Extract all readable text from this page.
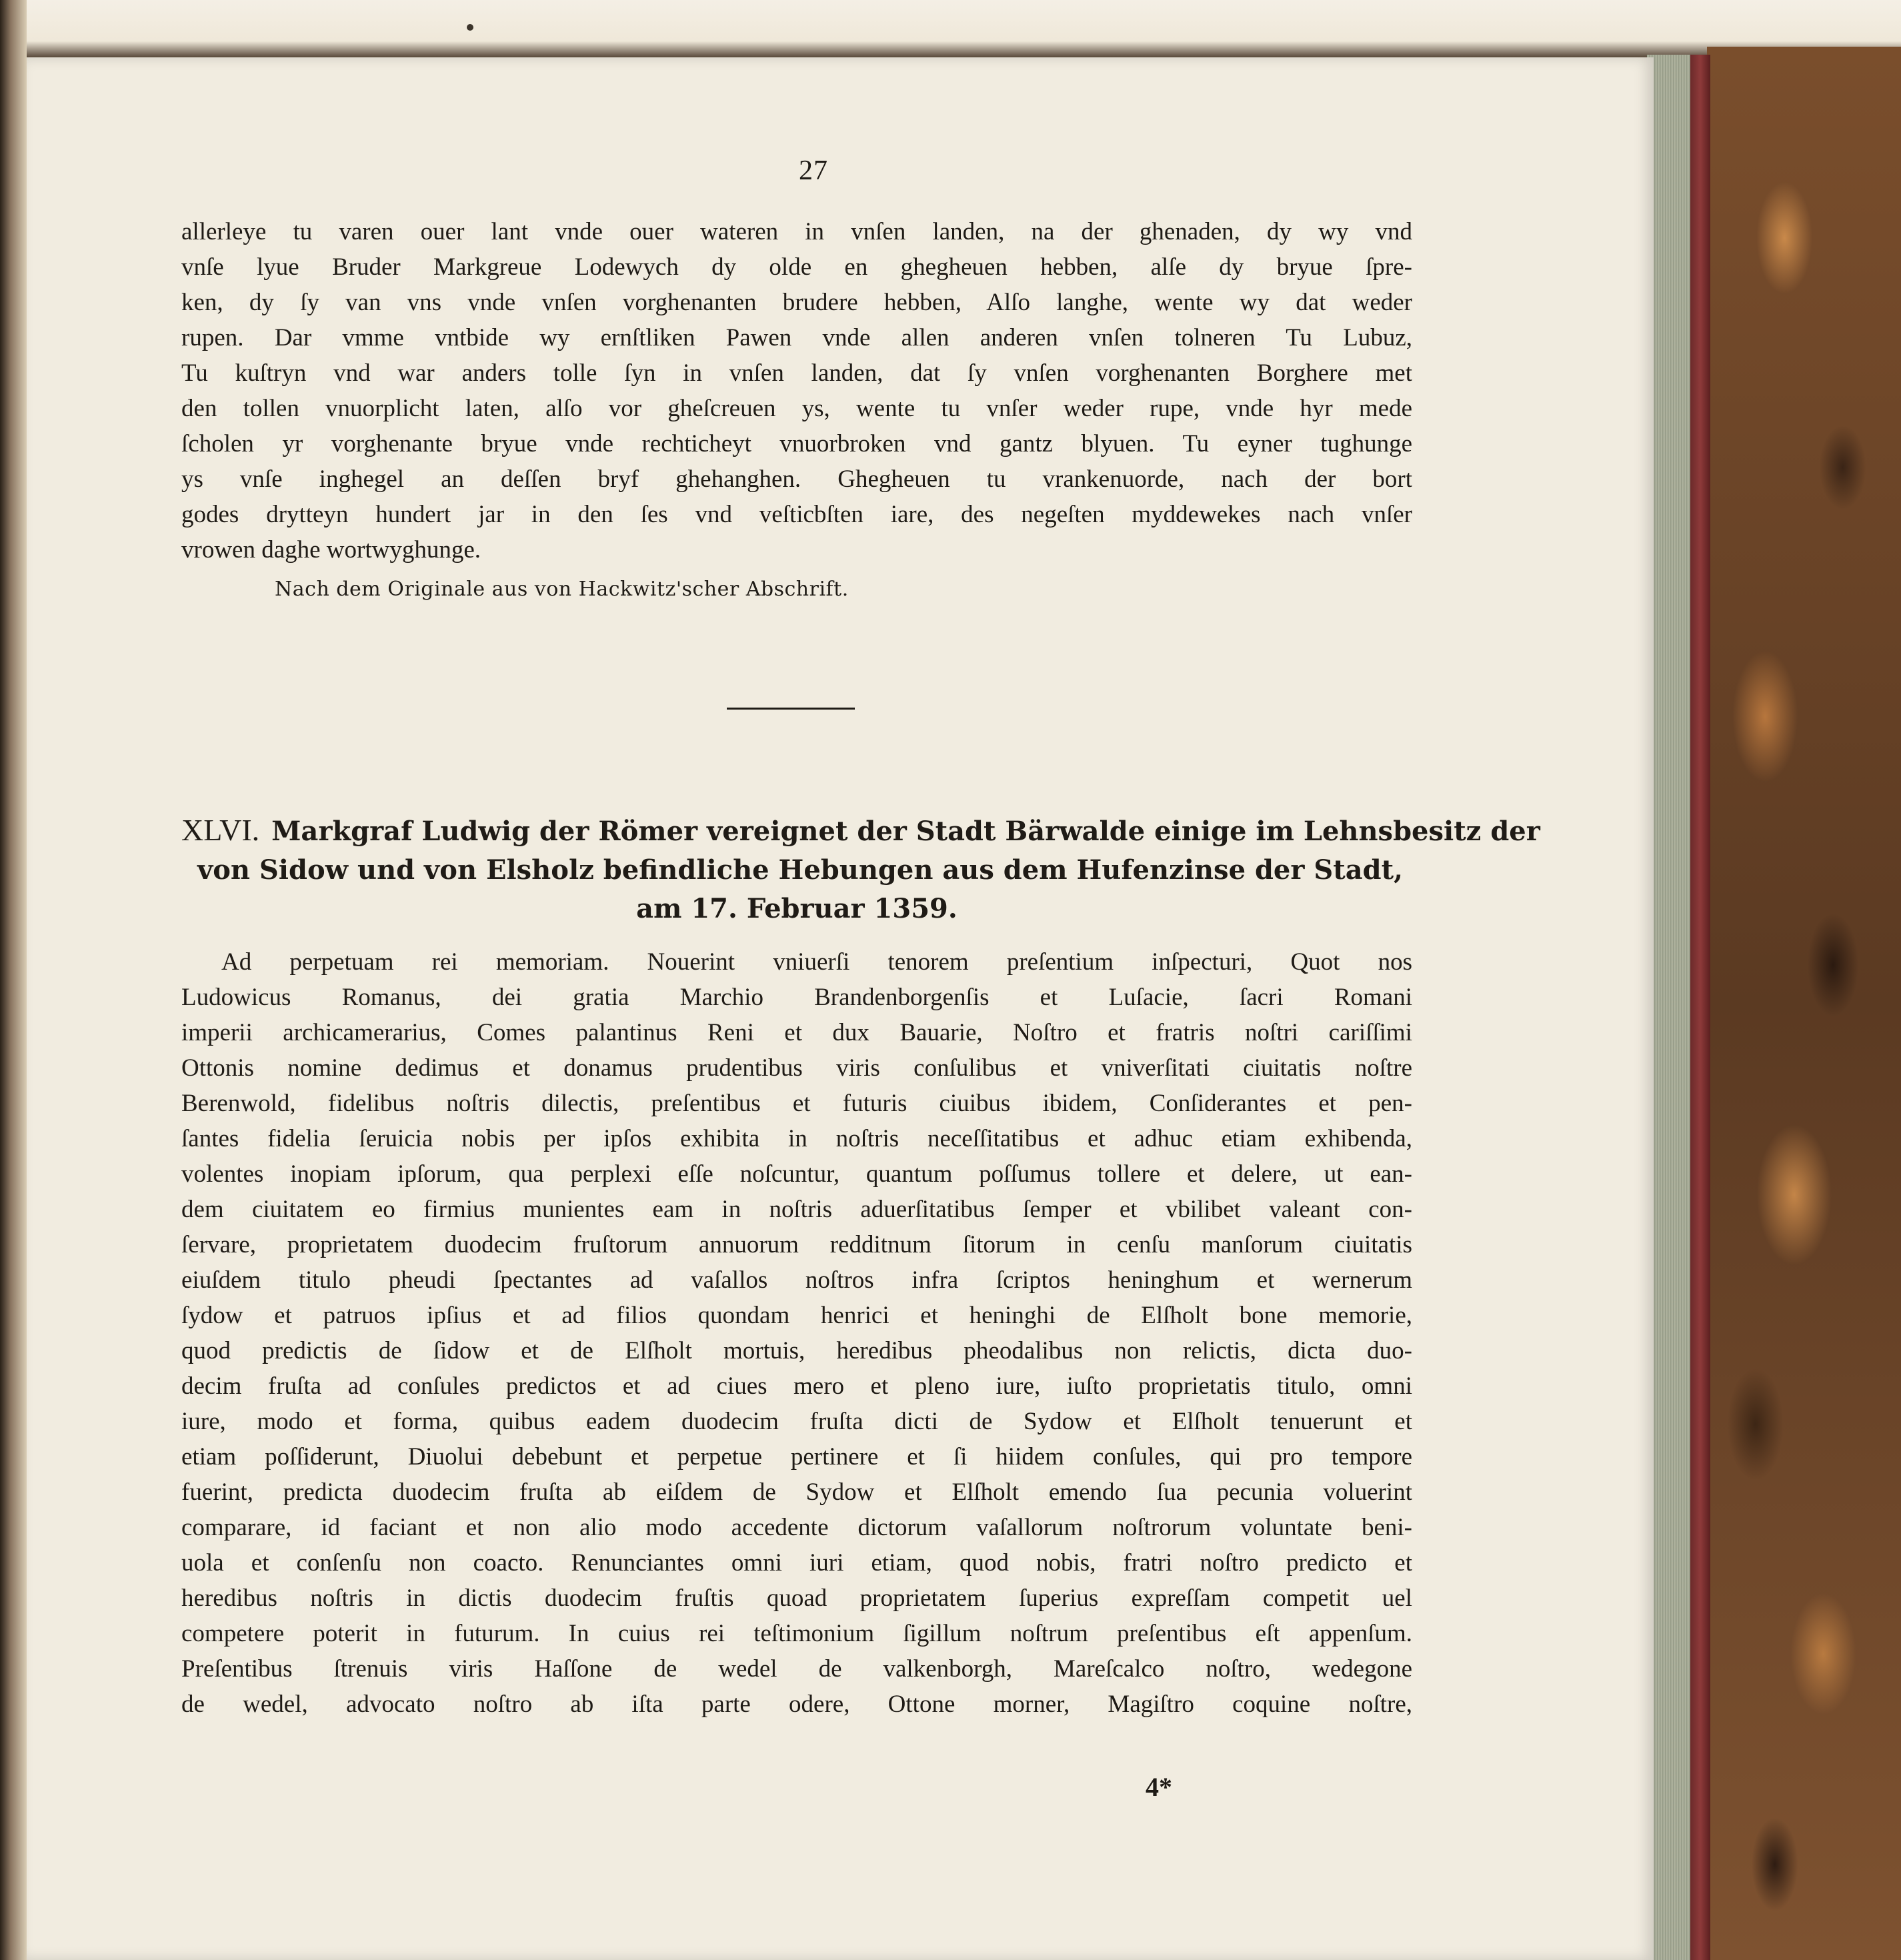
27
allerleye tu varen ouer lant vnde ouer wateren in vnſen landen, na der ghenaden, dy wy vnd
vnſe lyue Bruder Markgreue Lodewych dy olde en ghegheuen hebben, alſe dy bryue ſpre-
ken, dy ſy van vns vnde vnſen vorghenanten brudere hebben, Alſo langhe, wente wy dat weder
rupen. Dar vmme vntbide wy ernſtliken Pawen vnde allen anderen vnſen tolneren Tu Lubuz,
Tu kuſtryn vnd war anders tolle ſyn in vnſen landen, dat ſy vnſen vorghenanten Borghere met
den tollen vnuorplicht laten, alſo vor gheſcreuen ys, wente tu vnſer weder rupe, vnde hyr mede
ſcholen yr vorghenante bryue vnde rechticheyt vnuorbroken vnd gantz blyuen. Tu eyner tughunge
ys vnſe inghegel an deſſen bryf ghehanghen. Ghegheuen tu vrankenuorde, nach der bort
godes drytteyn hundert jar in den ſes vnd veſticbſten iare, des negeſten myddewekes nach vnſer
vrowen daghe wortwyghunge.
Nach dem Originale aus von Hackwitz'scher Abschrift.
XLVI. Markgraf Ludwig der Römer vereignet der Stadt Bärwalde einige im Lehnsbesitz der
von Sidow und von Elsholz befindliche Hebungen aus dem Hufenzinse der Stadt,
am 17. Februar 1359.
Ad perpetuam rei memoriam. Nouerint vniuerſi tenorem preſentium inſpecturi, Quot nos
Ludowicus Romanus, dei gratia Marchio Brandenborgenſis et Luſacie, ſacri Romani
imperii archicamerarius, Comes palantinus Reni et dux Bauarie, Noſtro et fratris noſtri cariſſimi
Ottonis nomine dedimus et donamus prudentibus viris conſulibus et vniverſitati ciuitatis noſtre
Berenwold, fidelibus noſtris dilectis, preſentibus et futuris ciuibus ibidem, Conſiderantes et pen-
ſantes fidelia ſeruicia nobis per ipſos exhibita in noſtris neceſſitatibus et adhuc etiam exhibenda,
volentes inopiam ipſorum, qua perplexi eſſe noſcuntur, quantum poſſumus tollere et delere, ut ean-
dem ciuitatem eo firmius munientes eam in noſtris aduerſitatibus ſemper et vbilibet valeant con-
ſervare, proprietatem duodecim fruſtorum annuorum redditnum ſitorum in cenſu manſorum ciuitatis
eiuſdem titulo pheudi ſpectantes ad vaſallos noſtros infra ſcriptos heninghum et wernerum
ſydow et patruos ipſius et ad filios quondam henrici et heninghi de Elſholt bone memorie,
quod predictis de ſidow et de Elſholt mortuis, heredibus pheodalibus non relictis, dicta duo-
decim fruſta ad conſules predictos et ad ciues mero et pleno iure, iuſto proprietatis titulo, omni
iure, modo et forma, quibus eadem duodecim fruſta dicti de Sydow et Elſholt tenuerunt et
etiam poſſiderunt, Diuolui debebunt et perpetue pertinere et ſi hiidem conſules, qui pro tempore
fuerint, predicta duodecim fruſta ab eiſdem de Sydow et Elſholt emendo ſua pecunia voluerint
comparare, id faciant et non alio modo accedente dictorum vaſallorum noſtrorum voluntate beni-
uola et conſenſu non coacto. Renunciantes omni iuri etiam, quod nobis, fratri noſtro predicto et
heredibus noſtris in dictis duodecim fruſtis quoad proprietatem ſuperius expreſſam competit uel
competere poterit in futurum. In cuius rei teſtimonium ſigillum noſtrum preſentibus eſt appenſum.
Preſentibus ſtrenuis viris Haſſone de wedel de valkenborgh, Mareſcalco noſtro, wedegone
de wedel, advocato noſtro ab iſta parte odere, Ottone morner, Magiſtro coquine noſtre,
4*
